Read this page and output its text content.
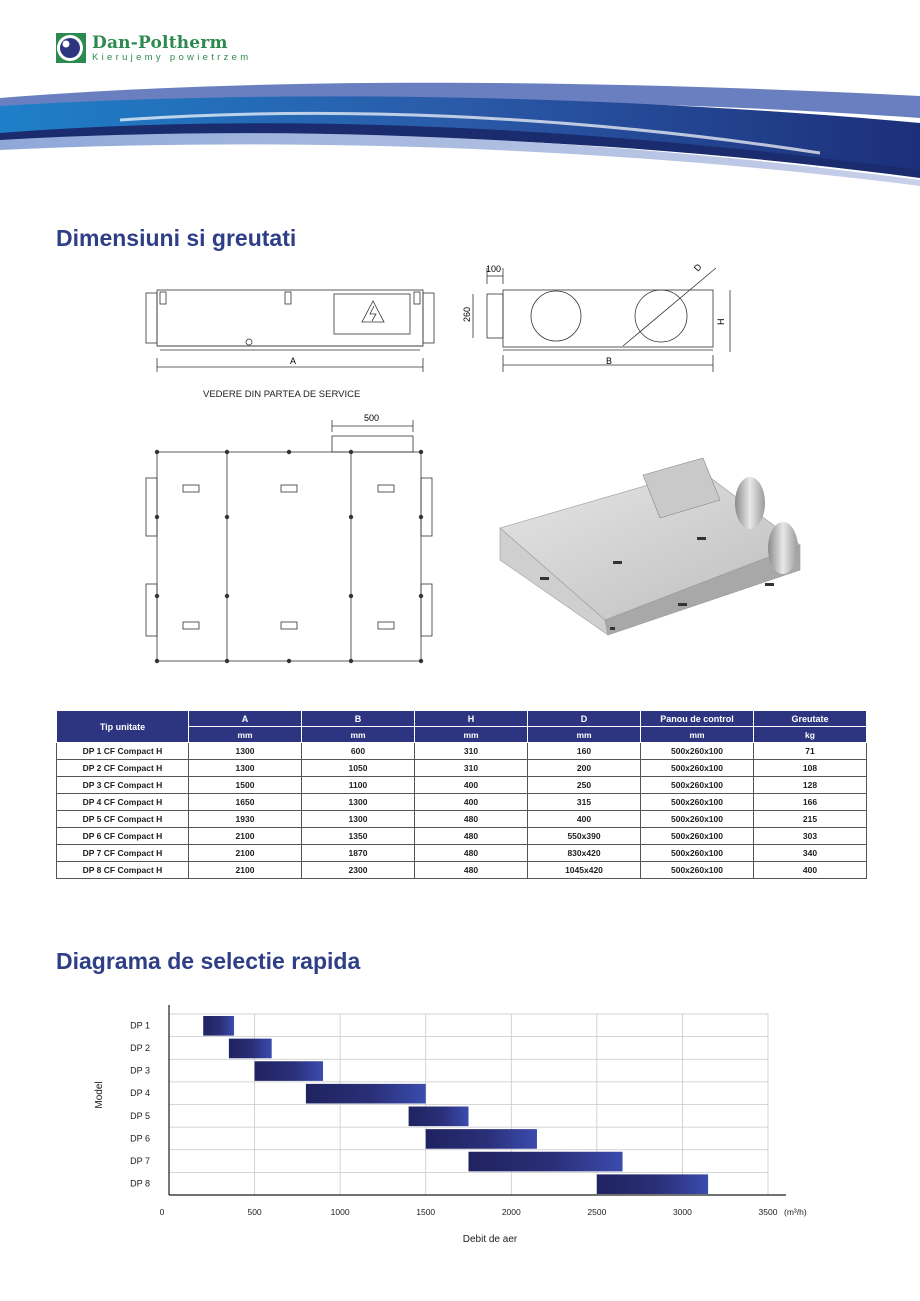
Dan-Poltherm
Kierujemy powietrzem
Dimensiuni si greutati
A
100
260
D
H
B
VEDERE DIN PARTEA DE SERVICE
500
Tip unitate	A	B	H	D	Panou de control	Greutate
	mm	mm	mm	mm	mm	kg
DP 1 CF Compact H	1300	600	310	160	500x260x100	71
DP 2 CF Compact H	1300	1050	310	200	500x260x100	108
DP 3 CF Compact H	1500	1100	400	250	500x260x100	128
DP 4 CF Compact H	1650	1300	400	315	500x260x100	166
DP 5 CF Compact H	1930	1300	480	400	500x260x100	215
DP 6 CF Compact H	2100	1350	480	550x390	500x260x100	303
DP 7 CF Compact H	2100	1870	480	830x420	500x260x100	340
DP 8 CF Compact H	2100	2300	480	1045x420	500x260x100	400
Diagrama de selectie rapida
DP 1
DP 2
DP 3
DP 4
DP 5
DP 6
DP 7
DP 8
0	500	1000	1500	2000	2500	3000	3500 (m³/h)
Debit de aer
Model
